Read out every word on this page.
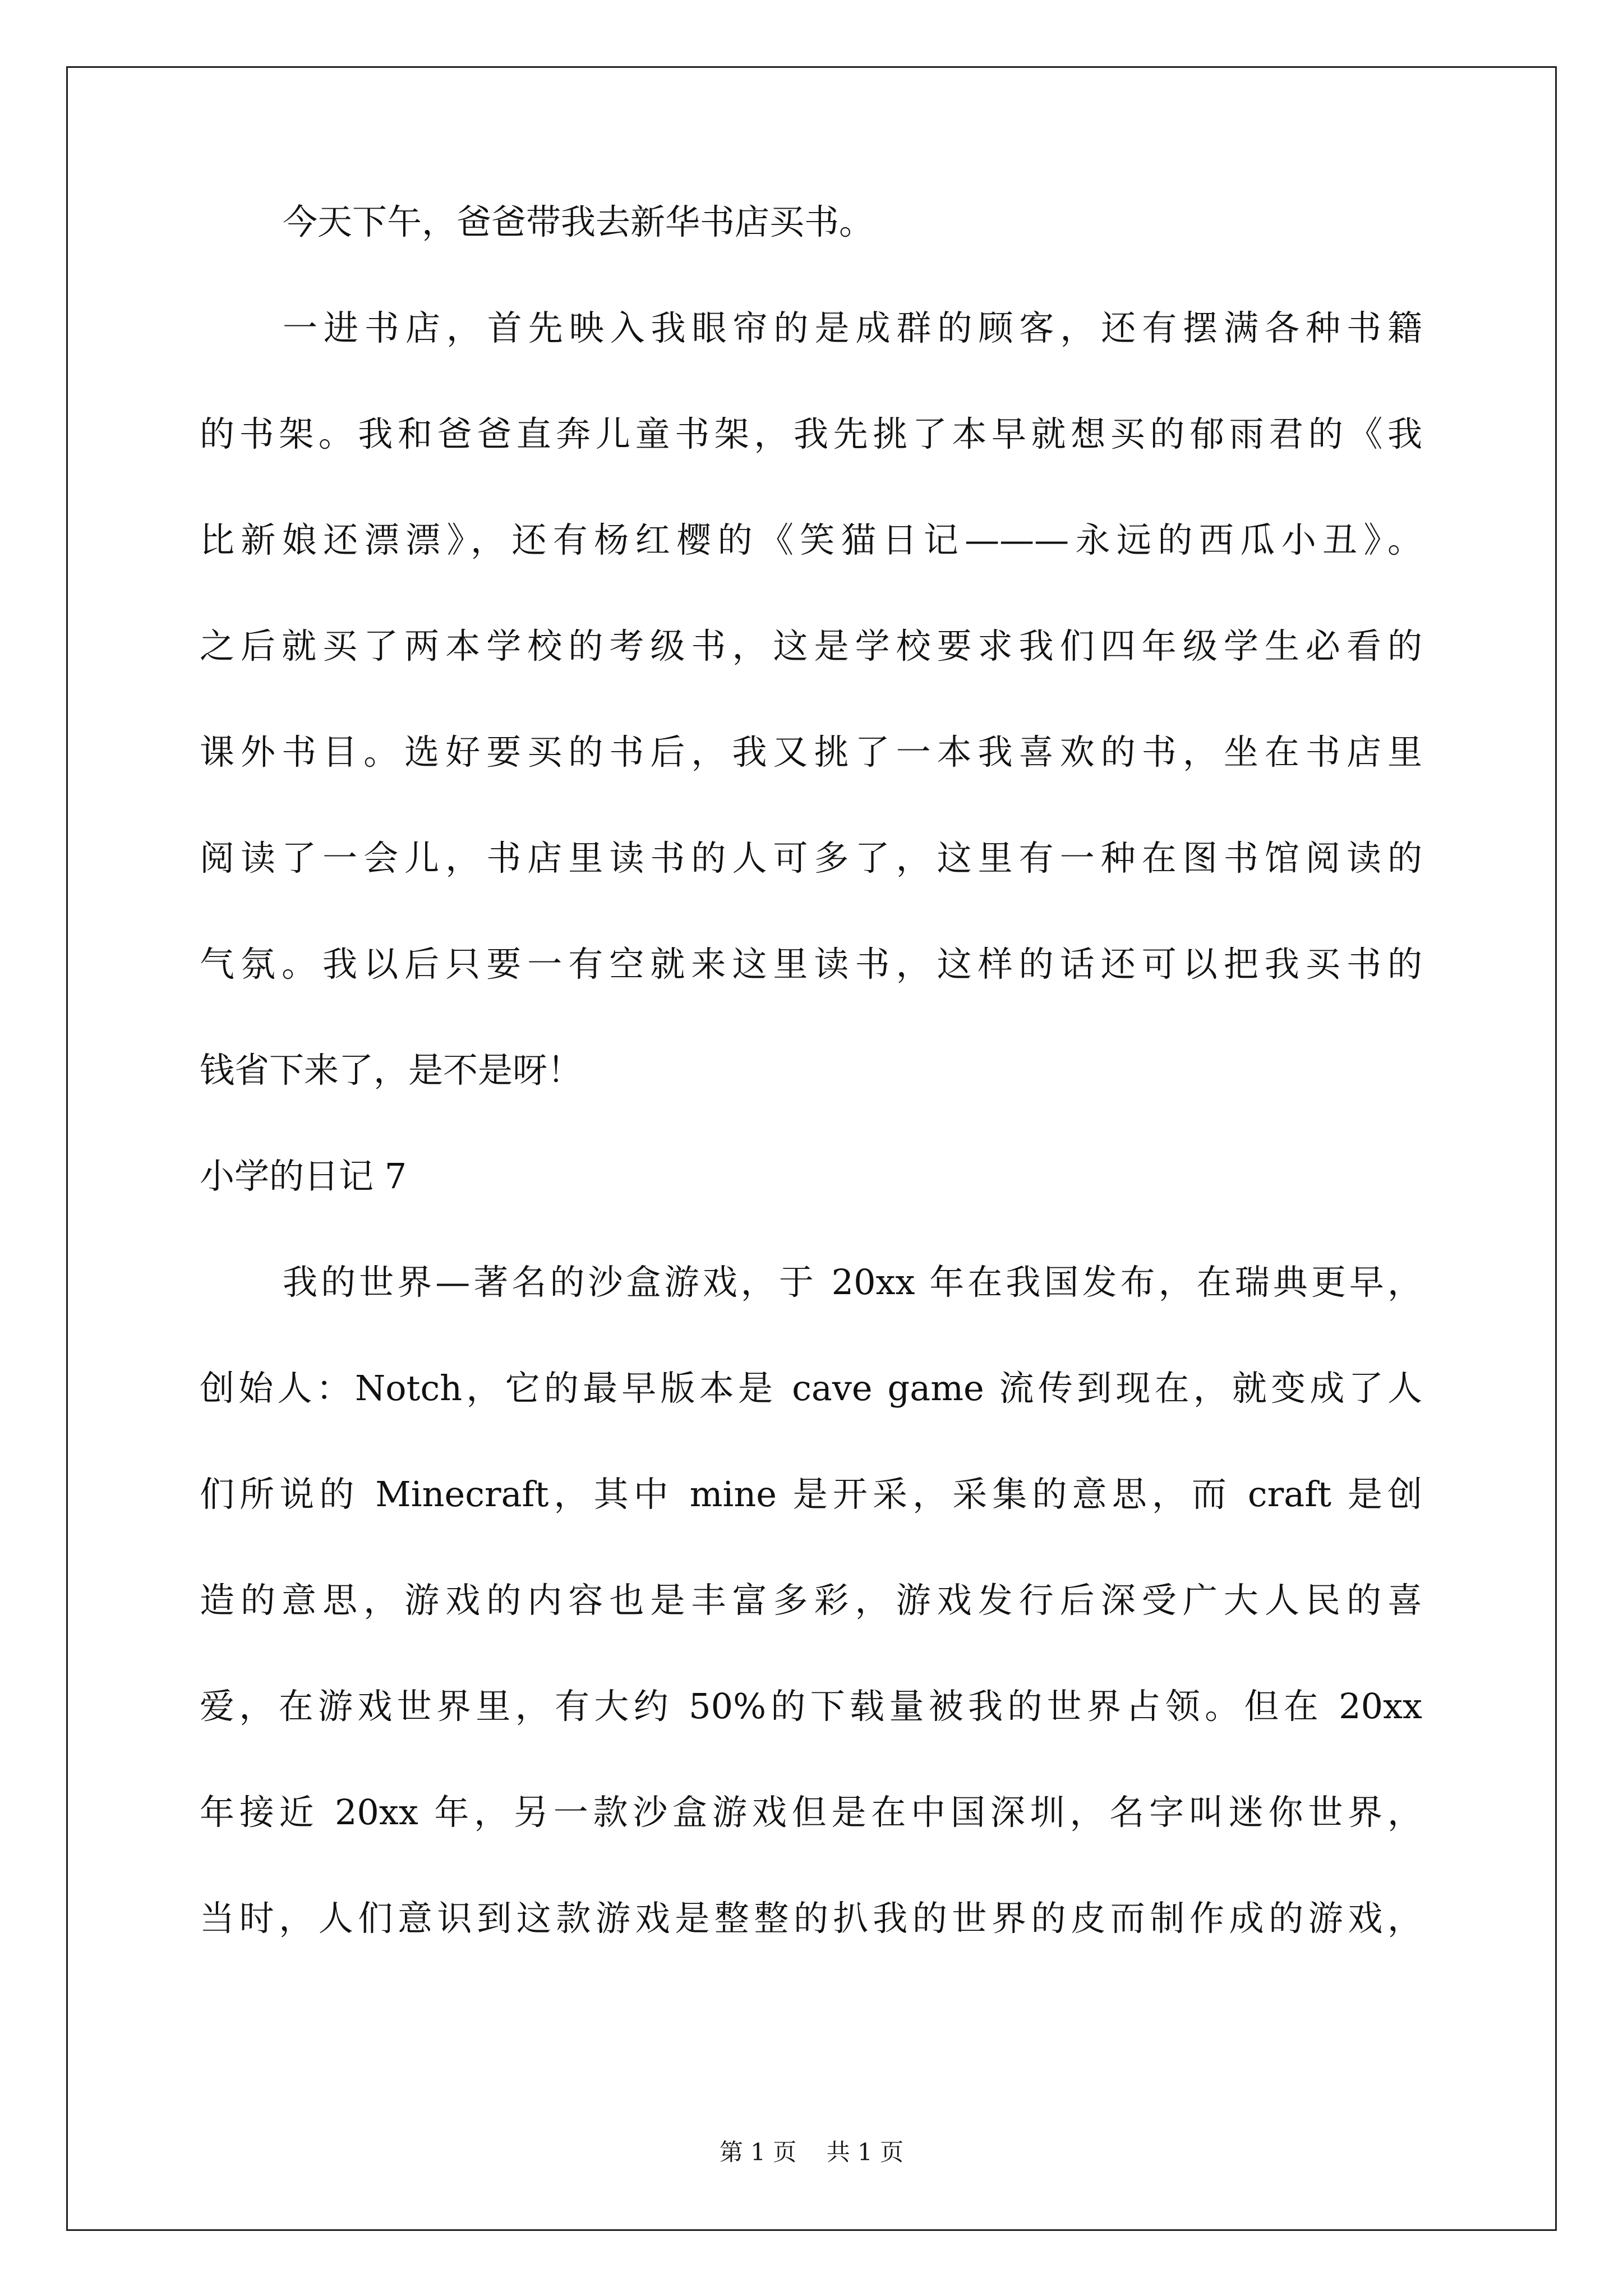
今天下午，爸爸带我去新华书店买书。
一进书店，首先映入我眼帘的是成群的顾客，还有摆满各种书籍
的书架。我和爸爸直奔儿童书架，我先挑了本早就想买的郁雨君的《我
比新娘还漂漂》，还有杨红樱的《笑猫日记———永远的西瓜小丑》。
之后就买了两本学校的考级书，这是学校要求我们四年级学生必看的
课外书目。选好要买的书后，我又挑了一本我喜欢的书，坐在书店里
阅读了一会儿，书店里读书的人可多了，这里有一种在图书馆阅读的
气氛。我以后只要一有空就来这里读书，这样的话还可以把我买书的
钱省下来了，是不是呀！
小学的日记 7
我的世界—著名的沙盒游戏，于 20xx 年在我国发布，在瑞典更早，
创始人：Notch，它的最早版本是 cave game 流传到现在，就变成了人
们所说的 Minecraft，其中 mine 是开采，采集的意思，而 craft 是创
造的意思，游戏的内容也是丰富多彩，游戏发行后深受广大人民的喜
爱，在游戏世界里，有大约 50%的下载量被我的世界占领。但在 20xx
年接近 20xx 年，另一款沙盒游戏但是在中国深圳，名字叫迷你世界，
当时，人们意识到这款游戏是整整的扒我的世界的皮而制作成的游戏，
第 1 页    共 1 页
